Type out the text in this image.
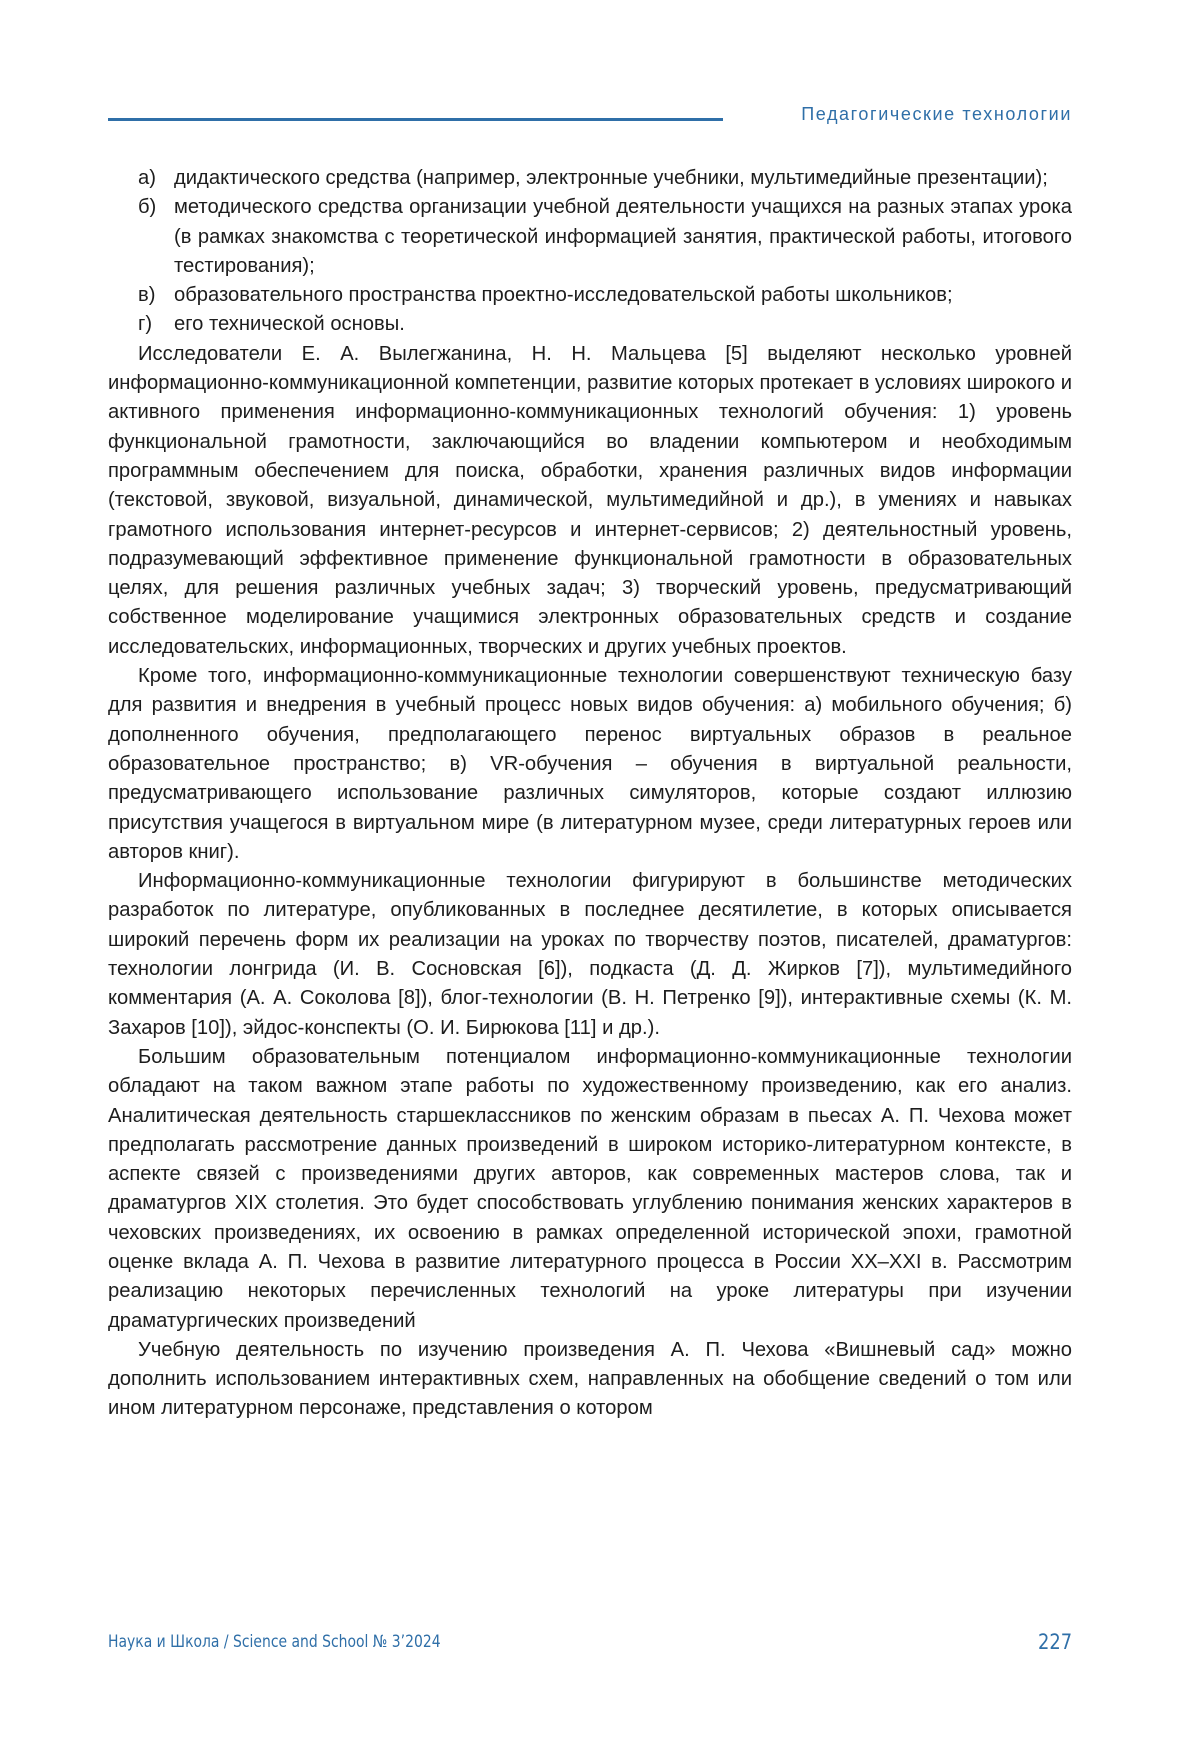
Педагогические технологии
а) дидактического средства (например, электронные учебники, мультимедийные презентации);
б) методического средства организации учебной деятельности учащихся на разных этапах урока (в рамках знакомства с теоретической информацией занятия, практической работы, итогового тестирования);
в) образовательного пространства проектно-исследовательской работы школьников;
г)	его технической основы.

Исследователи Е. А. Вылегжанина, Н. Н. Мальцева [5] выделяют несколько уровней информационно-коммуникационной компетенции, развитие которых протекает в условиях широкого и активного применения информационно-коммуникационных технологий обучения: 1) уровень функциональной грамотности, заключающийся во владении компьютером и необходимым программным обеспечением для поиска, обработки, хранения различных видов информации (текстовой, звуковой, визуальной, динамической, мультимедийной и др.), в умениях и навыках грамотного использования интернет-ресурсов и интернет-сервисов; 2) деятельностный уровень, подразумевающий эффективное применение функциональной грамотности в образовательных целях, для решения различных учебных задач; 3) творческий уровень, предусматривающий собственное моделирование учащимися электронных образовательных средств и создание исследовательских, информационных, творческих и других учебных проектов.

Кроме того, информационно-коммуникационные технологии совершенствуют техническую базу для развития и внедрения в учебный процесс новых видов обучения: а) мобильного обучения; б) дополненного обучения, предполагающего перенос виртуальных образов в реальное образовательное пространство; в) VR-обучения – обучения в виртуальной реальности, предусматривающего использование различных симуляторов, которые создают иллюзию присутствия учащегося в виртуальном мире (в литературном музее, среди литературных героев или авторов книг).

Информационно-коммуникационные технологии фигурируют в большинстве методических разработок по литературе, опубликованных в последнее десятилетие, в которых описывается широкий перечень форм их реализации на уроках по творчеству поэтов, писателей, драматургов: технологии лонгрида (И. В. Сосновская [6]), подкаста (Д. Д. Жирков [7]), мультимедийного комментария (А. А. Соколова [8]), блог-технологии (В. Н. Петренко [9]), интерактивные схемы (К. М. Захаров [10]), эйдос-конспекты (О. И. Бирюкова [11] и др.).

Большим образовательным потенциалом информационно-коммуникационные технологии обладают на таком важном этапе работы по художественному произведению, как его анализ. Аналитическая деятельность старшеклассников по женским образам в пьесах А. П. Чехова может предполагать рассмотрение данных произведений в широком историко-литературном контексте, в аспекте связей с произведениями других авторов, как современных мастеров слова, так и драматургов XIX столетия. Это будет способствовать углублению понимания женских характеров в чеховских произведениях, их освоению в рамках определенной исторической эпохи, грамотной оценке вклада А. П. Чехова в развитие литературного процесса в России XX–XXI в. Рассмотрим реализацию некоторых перечисленных технологий на уроке литературы при изучении драматургических произведений

Учебную деятельность по изучению произведения А. П. Чехова «Вишневый сад» можно дополнить использованием интерактивных схем, направленных на обобщение сведений о том или ином литературном персонаже, представления о котором

Наука и Школа / Science and School № 3’2024	227
